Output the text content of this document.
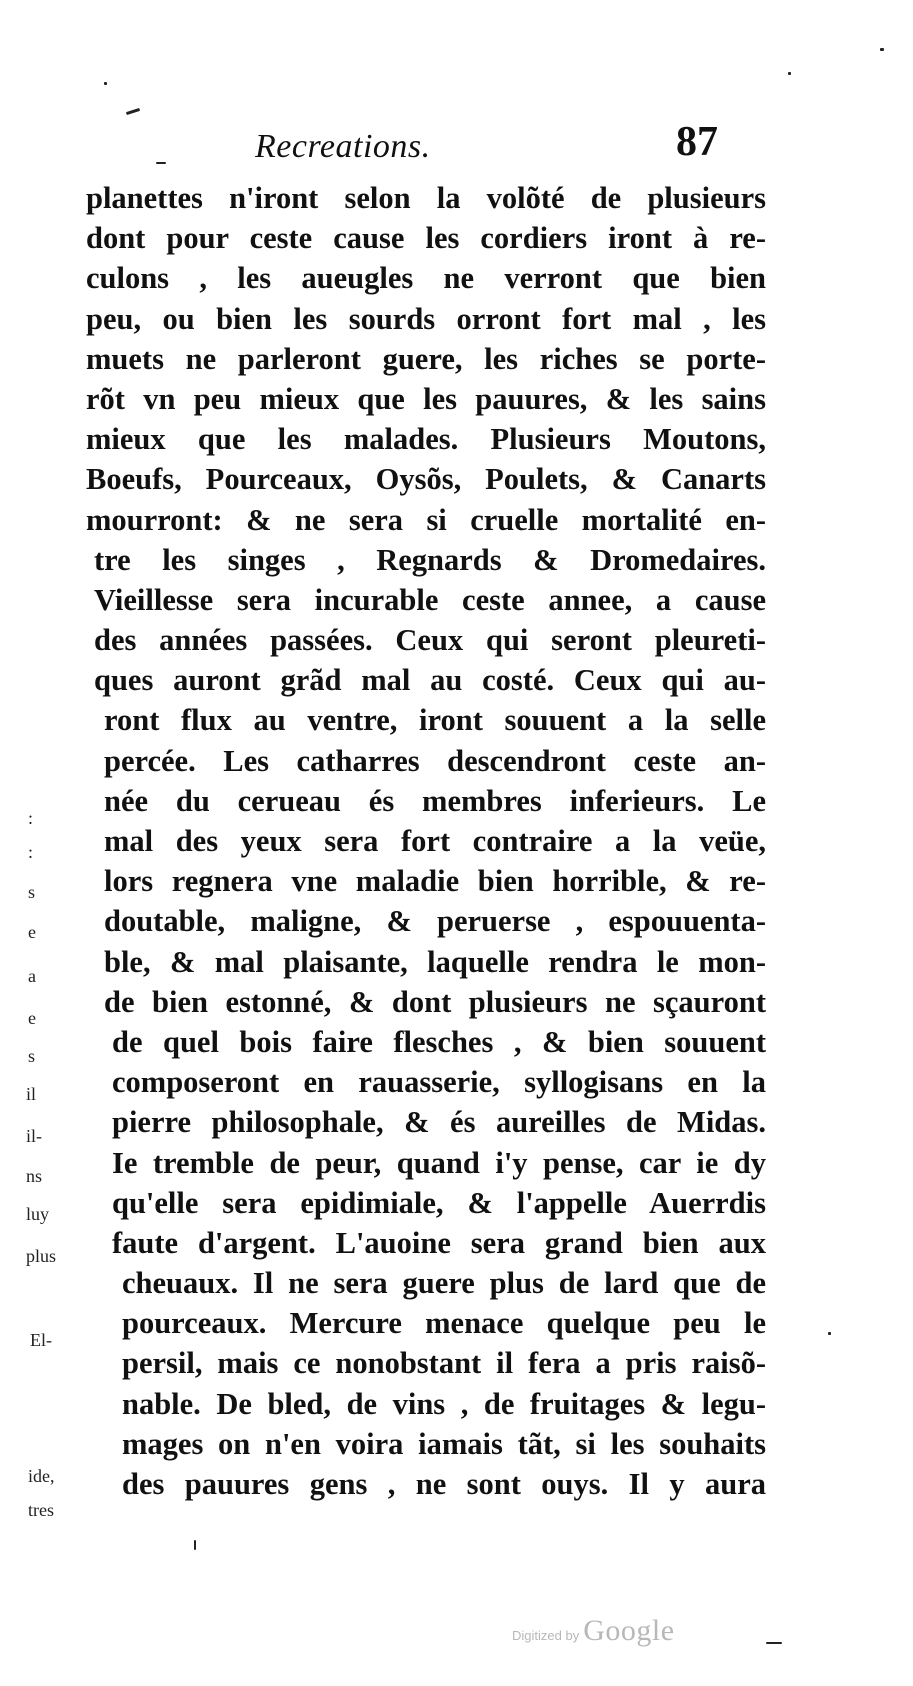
Recreations.	87
planettes n'iront selon la volõté de plusieurs
dont pour ceste cause les cordiers iront à re-
culons , les aueugles ne verront que bien
peu, ou bien les sourds orront fort mal , les
muets ne parleront guere, les riches se porte-
rõt vn peu mieux que les pauures, & les sains
mieux que les malades. Plusieurs Moutons,
Boeufs, Pourceaux, Oysõs, Poulets, & Canarts
mourront: & ne sera si cruelle mortalité en-
tre les singes , Regnards & Dromedaires.
Vieillesse sera incurable ceste annee, a cause
des années passées. Ceux qui seront pleureti-
ques auront grãd mal au costé. Ceux qui au-
ront flux au ventre, iront souuent a la selle
percée. Les catharres descendront ceste an-
née du cerueau és membres inferieurs. Le
mal des yeux sera fort contraire a la veüe,
lors regnera vne maladie bien horrible, & re-
doutable, maligne, & peruerse , espouuenta-
ble, & mal plaisante, laquelle rendra le mon-
de bien estonné, & dont plusieurs ne sçauront
de quel bois faire flesches , & bien souuent
composeront en rauasserie, syllogisans en la
pierre philosophale, & és aureilles de Midas.
Ie tremble de peur, quand i'y pense, car ie dy
qu'elle sera epidimiale, & l'appelle Auerrdis
faute d'argent. L'auoine sera grand bien aux
cheuaux. Il ne sera guere plus de lard que de
pourceaux. Mercure menace quelque peu le
persil, mais ce nonobstant il fera a pris raisõ-
nable. De bled, de vins , de fruitages & legu-
mages on n'en voira iamais tãt, si les souhaits
des pauures gens , ne sont ouys. Il y aura
:
:
s
e
a
e
s
il
il-
ns
luy
plus
El-
ide,
tres
Digitized by Google
